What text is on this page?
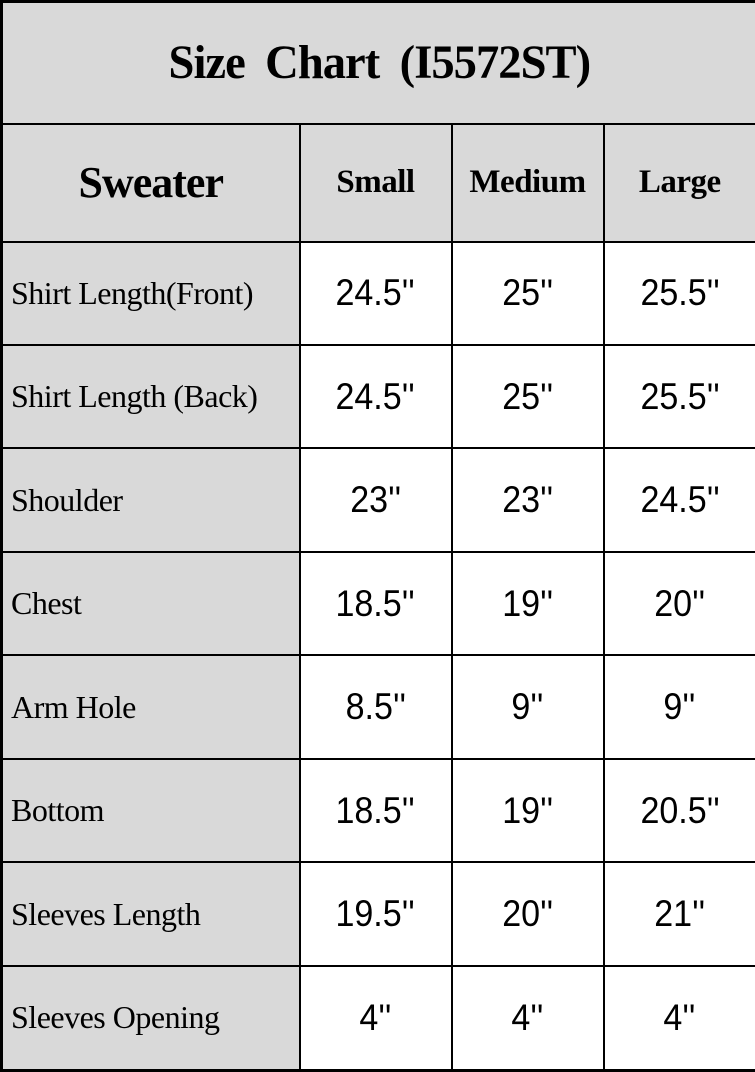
Size Chart (I5572ST)			
Sweater	Small	Medium	Large
Shirt Length(Front)	24.5''	25''	25.5''
Shirt Length (Back)	24.5''	25''	25.5''
Shoulder	23''	23''	24.5''
Chest	18.5''	19''	20''
Arm Hole	8.5''	9''	9''
Bottom	18.5''	19''	20.5''
Sleeves Length	19.5''	20''	21''
Sleeves Opening	4''	4''	4''
